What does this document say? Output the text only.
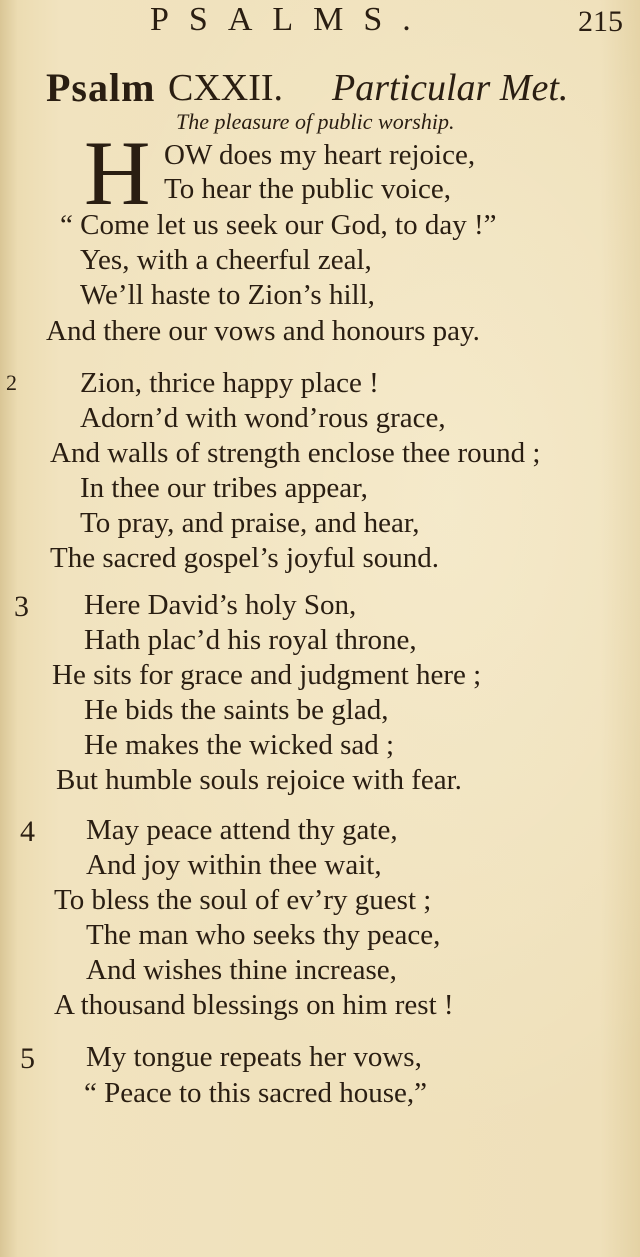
PSALMS.	215
Psalm CXXII. Particular Met.
The pleasure of public worship.
H OW does my heart rejoice,
To hear the public voice,
“ Come let us seek our God, to day !”
Yes, with a cheerful zeal,
We’ll haste to Zion’s hill,
And there our vows and honours pay.
2 Zion, thrice happy place !
Adorn’d with wond’rous grace,
And walls of strength enclose thee round ;
In thee our tribes appear,
To pray, and praise, and hear,
The sacred gospel’s joyful sound.
3 Here David’s holy Son,
Hath plac’d his royal throne,
He sits for grace and judgment here ;
He bids the saints be glad,
He makes the wicked sad ;
But humble souls rejoice with fear.
4 May peace attend thy gate,
And joy within thee wait,
To bless the soul of ev’ry guest ;
The man who seeks thy peace,
And wishes thine increase,
A thousand blessings on him rest !
5 My tongue repeats her vows,
“ Peace to this sacred house,”
